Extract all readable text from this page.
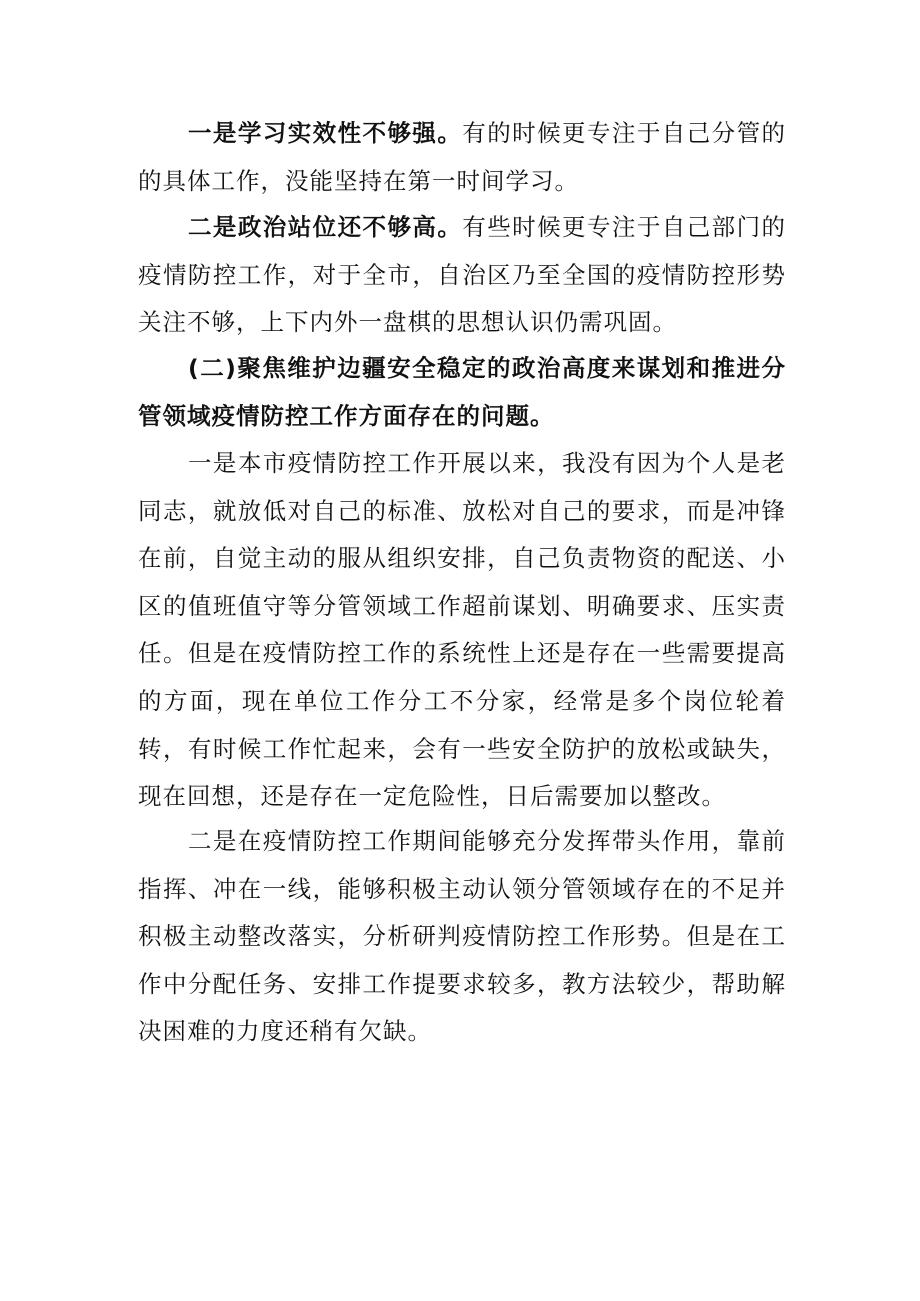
一是学习实效性不够强。有的时候更专注于自己分管的的具体工作，没能坚持在第一时间学习。

二是政治站位还不够高。有些时候更专注于自己部门的疫情防控工作，对于全市，自治区乃至全国的疫情防控形势关注不够，上下内外一盘棋的思想认识仍需巩固。

(二)聚焦维护边疆安全稳定的政治高度来谋划和推进分管领域疫情防控工作方面存在的问题。

一是本市疫情防控工作开展以来，我没有因为个人是老同志，就放低对自己的标准、放松对自己的要求，而是冲锋在前，自觉主动的服从组织安排，自己负责物资的配送、小区的值班值守等分管领域工作超前谋划、明确要求、压实责任。但是在疫情防控工作的系统性上还是存在一些需要提高的方面，现在单位工作分工不分家，经常是多个岗位轮着转，有时候工作忙起来，会有一些安全防护的放松或缺失，现在回想，还是存在一定危险性，日后需要加以整改。

二是在疫情防控工作期间能够充分发挥带头作用，靠前指挥、冲在一线，能够积极主动认领分管领域存在的不足并积极主动整改落实，分析研判疫情防控工作形势。但是在工作中分配任务、安排工作提要求较多，教方法较少，帮助解决困难的力度还稍有欠缺。
